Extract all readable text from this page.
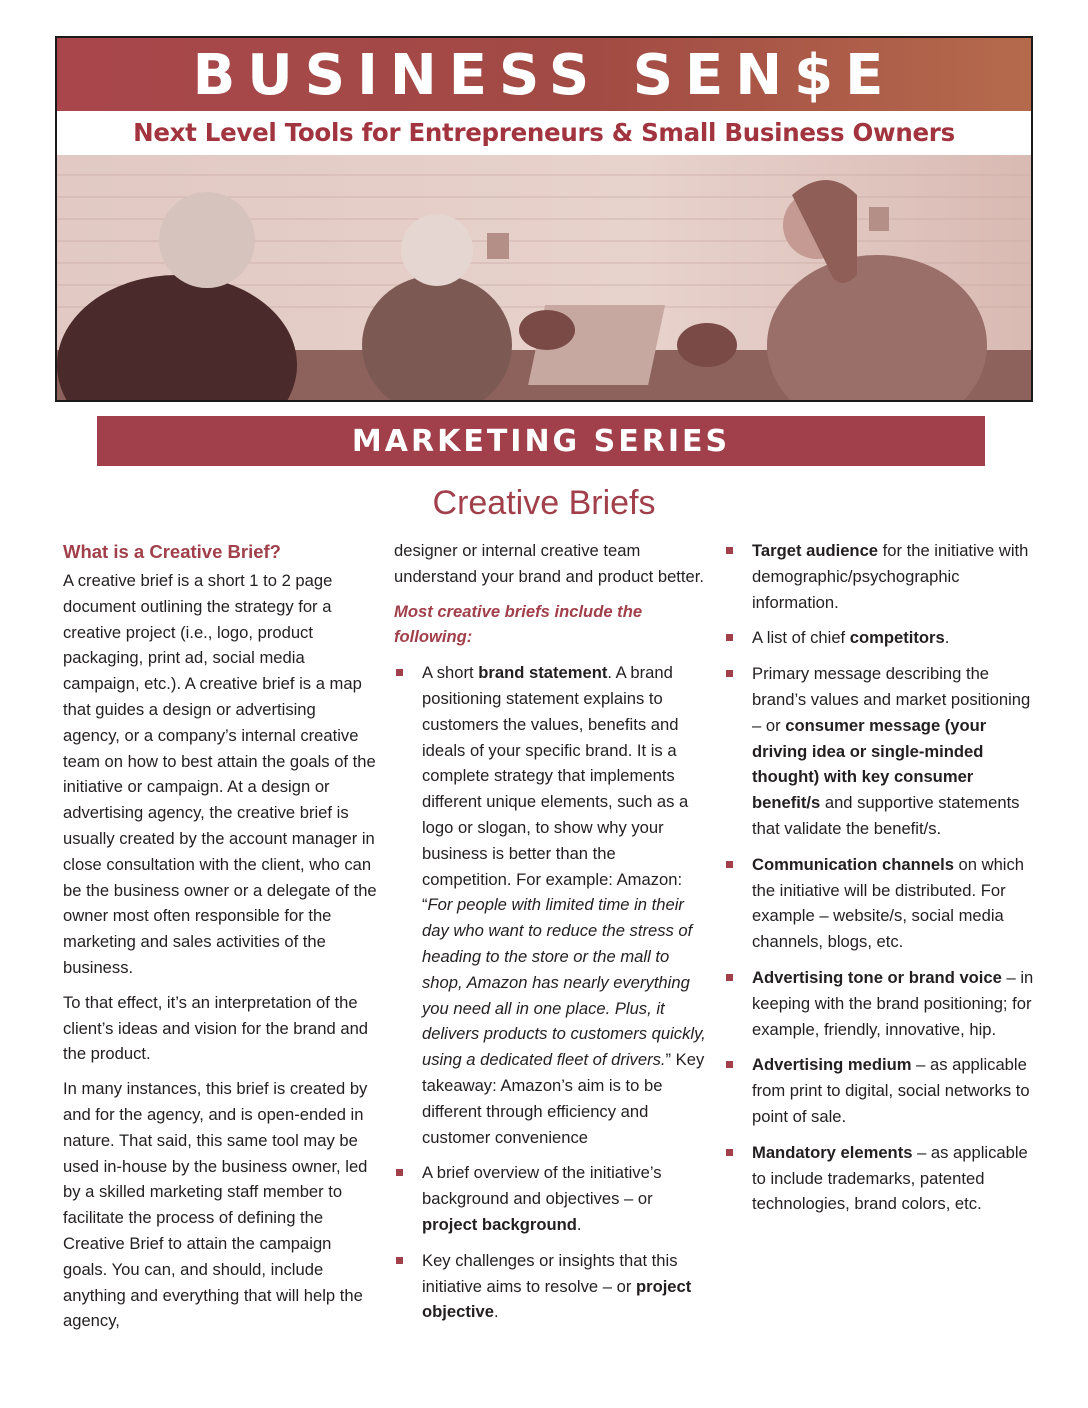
BUSINESS SEN$E
Next Level Tools for Entrepreneurs & Small Business Owners
MARKETING SERIES
Creative Briefs
What is a Creative Brief?

A creative brief is a short 1 to 2 page document outlining the strategy for a creative project (i.e., logo, product packaging, print ad, social media campaign, etc.). A creative brief is a map that guides a design or advertising agency, or a company’s internal creative team on how to best attain the goals of the initiative or campaign. At a design or advertising agency, the creative brief is usually created by the account manager in close consultation with the client, who can be the business owner or a delegate of the owner most often responsible for the marketing and sales activities of the business.

To that effect, it’s an interpretation of the client’s ideas and vision for the brand and the product.

In many instances, this brief is created by and for the agency, and is open-ended in nature. That said, this same tool may be used in-house by the business owner, led by a skilled marketing staff member to facilitate the process of defining the Creative Brief to attain the campaign goals. You can, and should, include anything and everything that will help the agency,

designer or internal creative team understand your brand and product better.

Most creative briefs include the following:
A short brand statement. A brand positioning statement explains to customers the values, benefits and ideals of your specific brand. It is a complete strategy that implements different unique elements, such as a logo or slogan, to show why your business is better than the competition. For example: Amazon: “For people with limited time in their day who want to reduce the stress of heading to the store or the mall to shop, Amazon has nearly everything you need all in one place. Plus, it delivers products to customers quickly, using a dedicated fleet of drivers.” Key takeaway: Amazon’s aim is to be different through efficiency and customer convenience
A brief overview of the initiative’s background and objectives – or project background.
Key challenges or insights that this initiative aims to resolve – or project objective.
Target audience for the initiative with demographic/psychographic information.
A list of chief competitors.
Primary message describing the brand’s values and market positioning – or consumer message (your driving idea or single-minded thought) with key consumer benefit/s and supportive statements that validate the benefit/s.
Communication channels on which the initiative will be distributed. For example – website/s, social media channels, blogs, etc.
Advertising tone or brand voice – in keeping with the brand positioning; for example, friendly, innovative, hip.
Advertising medium – as applicable from print to digital, social networks to point of sale.
Mandatory elements – as applicable to include trademarks, patented technologies, brand colors, etc.
